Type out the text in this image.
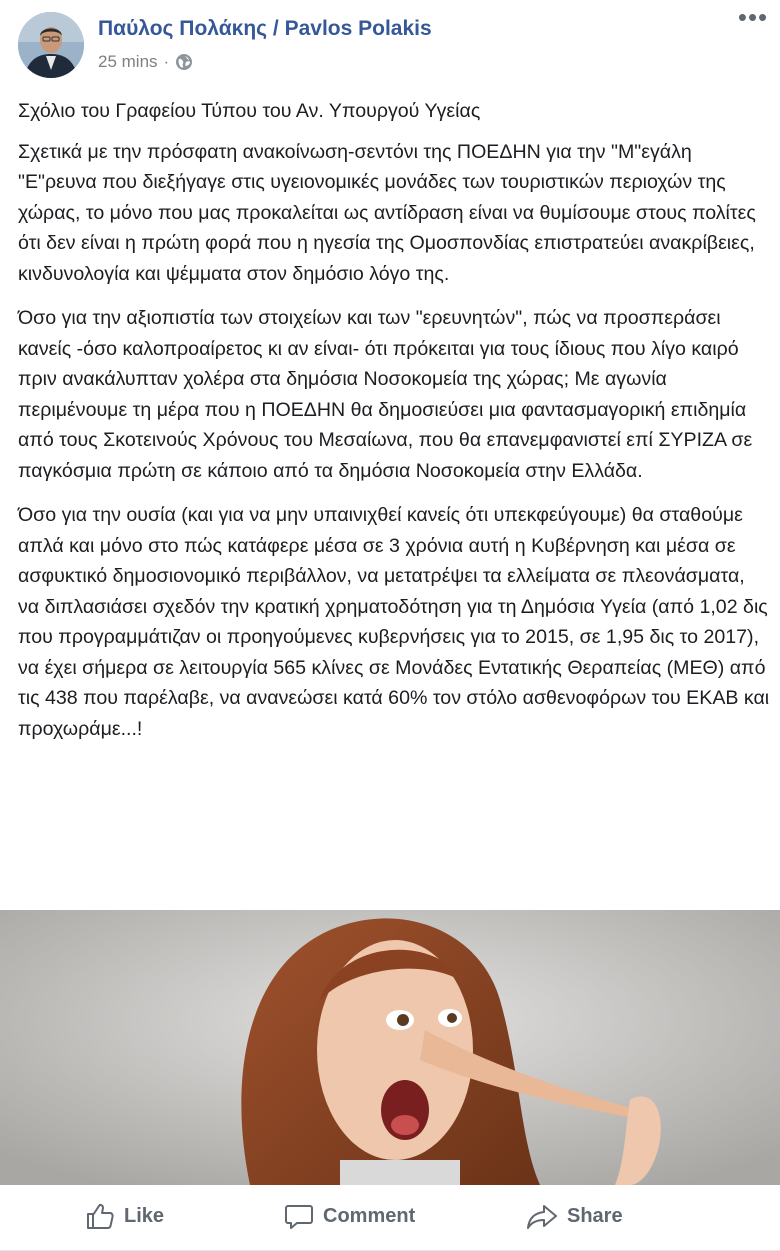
Παύλος Πολάκης / Pavlos Polakis
25 mins ·
•••

Σχόλιο του Γραφείου Τύπου του Αν. Υπουργού Υγείας

Σχετικά με την πρόσφατη ανακοίνωση-σεντόνι της ΠΟΕΔΗΝ για την "Μ"εγάλη "Ε"ρευνα που διεξήγαγε στις υγειονομικές μονάδες των τουριστικών περιοχών της χώρας, το μόνο που μας προκαλείται ως αντίδραση είναι να θυμίσουμε στους πολίτες ότι δεν είναι η πρώτη φορά που η ηγεσία της Ομοσπονδίας επιστρατεύει ανακρίβειες, κινδυνολογία και ψέμματα στον δημόσιο λόγο της.

Όσο για την αξιοπιστία των στοιχείων και των "ερευνητών", πώς να προσπεράσει κανείς -όσο καλοπροαίρετος κι αν είναι- ότι πρόκειται για τους ίδιους που λίγο καιρό πριν ανακάλυπταν χολέρα στα δημόσια Νοσοκομεία της χώρας; Με αγωνία περιμένουμε τη μέρα που η ΠΟΕΔΗΝ θα δημοσιεύσει μια φαντασμαγορική επιδημία από τους Σκοτεινούς Χρόνους του Μεσαίωνα, που θα επανεμφανιστεί επί ΣΥΡΙΖΑ σε παγκόσμια πρώτη σε κάποιο από τα δημόσια Νοσοκομεία στην Ελλάδα.

Όσο για την ουσία (και για να μην υπαινιχθεί κανείς ότι υπεκφεύγουμε) θα σταθούμε απλά και μόνο στο πώς κατάφερε μέσα σε 3 χρόνια αυτή η Κυβέρνηση και μέσα σε ασφυκτικό δημοσιονομικό περιβάλλον, να μετατρέψει τα ελλείματα σε πλεονάσματα, να διπλασιάσει σχεδόν την κρατική χρηματοδότηση για τη Δημόσια Υγεία (από 1,02 δις που προγραμμάτιζαν οι προηγούμενες κυβερνήσεις για το 2015, σε 1,95 δις το 2017), να έχει σήμερα σε λειτουργία 565 κλίνες σε Μονάδες Εντατικής Θεραπείας (ΜΕΘ) από τις 438 που παρέλαβε, να ανανεώσει κατά 60% τον στόλο ασθενοφόρων του ΕΚΑΒ και προχωράμε...!

Like	Comment	Share
